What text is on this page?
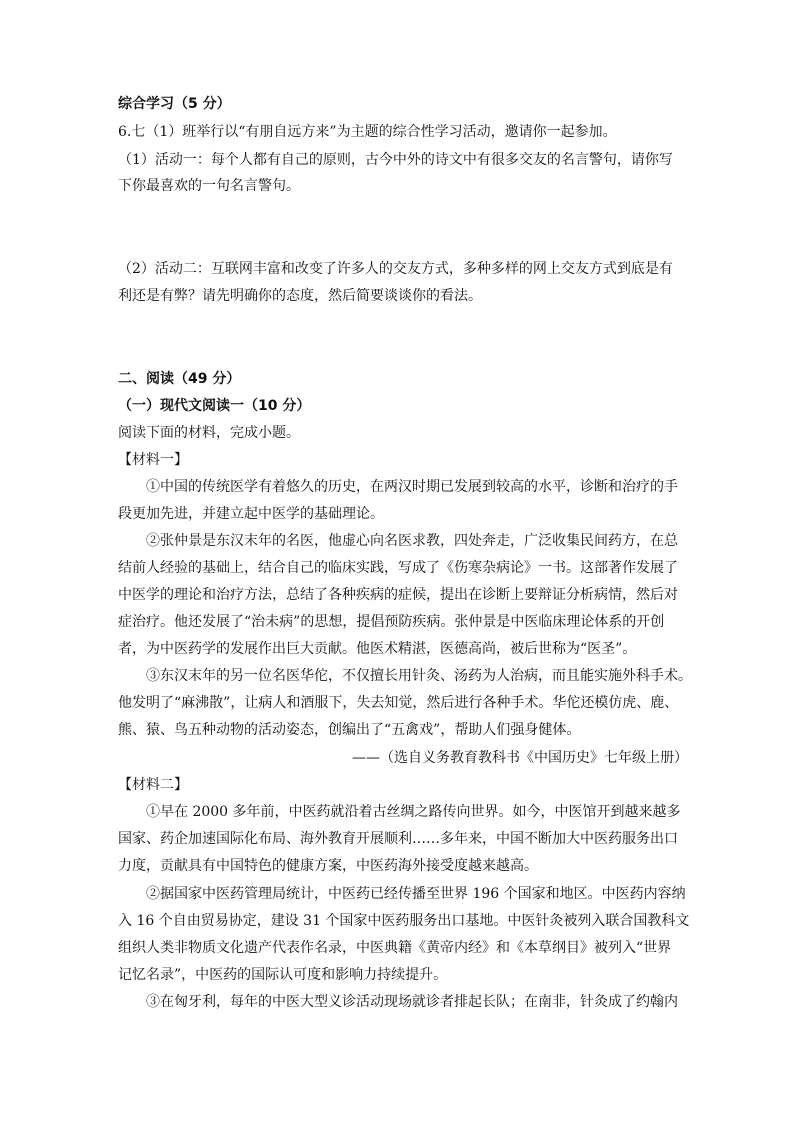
综合学习（5 分）
6.七（1）班举行以“有朋自远方来”为主题的综合性学习活动，邀请你一起参加。
（1）活动一：每个人都有自己的原则，古今中外的诗文中有很多交友的名言警句，请你写
下你最喜欢的一句名言警句。
（2）活动二：互联网丰富和改变了许多人的交友方式，多种多样的网上交友方式到底是有
利还是有弊？请先明确你的态度，然后简要谈谈你的看法。
二、阅读（49 分）
（一）现代文阅读一（10 分）
阅读下面的材料，完成小题。
【材料一】
①中国的传统医学有着悠久的历史，在两汉时期已发展到较高的水平，诊断和治疗的手
段更加先进，并建立起中医学的基础理论。
②张仲景是东汉末年的名医，他虚心向名医求教，四处奔走，广泛收集民间药方，在总
结前人经验的基础上，结合自己的临床实践，写成了《伤寒杂病论》一书。这部著作发展了
中医学的理论和治疗方法，总结了各种疾病的症候，提出在诊断上要辩证分析病情，然后对
症治疗。他还发展了“治未病”的思想，提倡预防疾病。张仲景是中医临床理论体系的开创
者，为中医药学的发展作出巨大贡献。他医术精湛，医德高尚，被后世称为“医圣”。
③东汉末年的另一位名医华佗，不仅擅长用针灸、汤药为人治病，而且能实施外科手术。
他发明了“麻沸散”，让病人和酒服下，失去知觉，然后进行各种手术。华佗还模仿虎、鹿、
熊、猿、鸟五种动物的活动姿态，创编出了“五禽戏”，帮助人们强身健体。
——（选自义务教育教科书《中国历史》七年级上册）
【材料二】
①早在 2000 多年前，中医药就沿着古丝绸之路传向世界。如今，中医馆开到越来越多
国家、药企加速国际化布局、海外教育开展顺利……多年来，中国不断加大中医药服务出口
力度，贡献具有中国特色的健康方案，中医药海外接受度越来越高。
②据国家中医药管理局统计，中医药已经传播至世界 196 个国家和地区。中医药内容纳
入 16 个自由贸易协定，建设 31 个国家中医药服务出口基地。中医针灸被列入联合国教科文
组织人类非物质文化遗产代表作名录，中医典籍《黄帝内经》和《本草纲目》被列入“世界
记忆名录”，中医药的国际认可度和影响力持续提升。
③在匈牙利，每年的中医大型义诊活动现场就诊者排起长队；在南非，针灸成了约翰内
